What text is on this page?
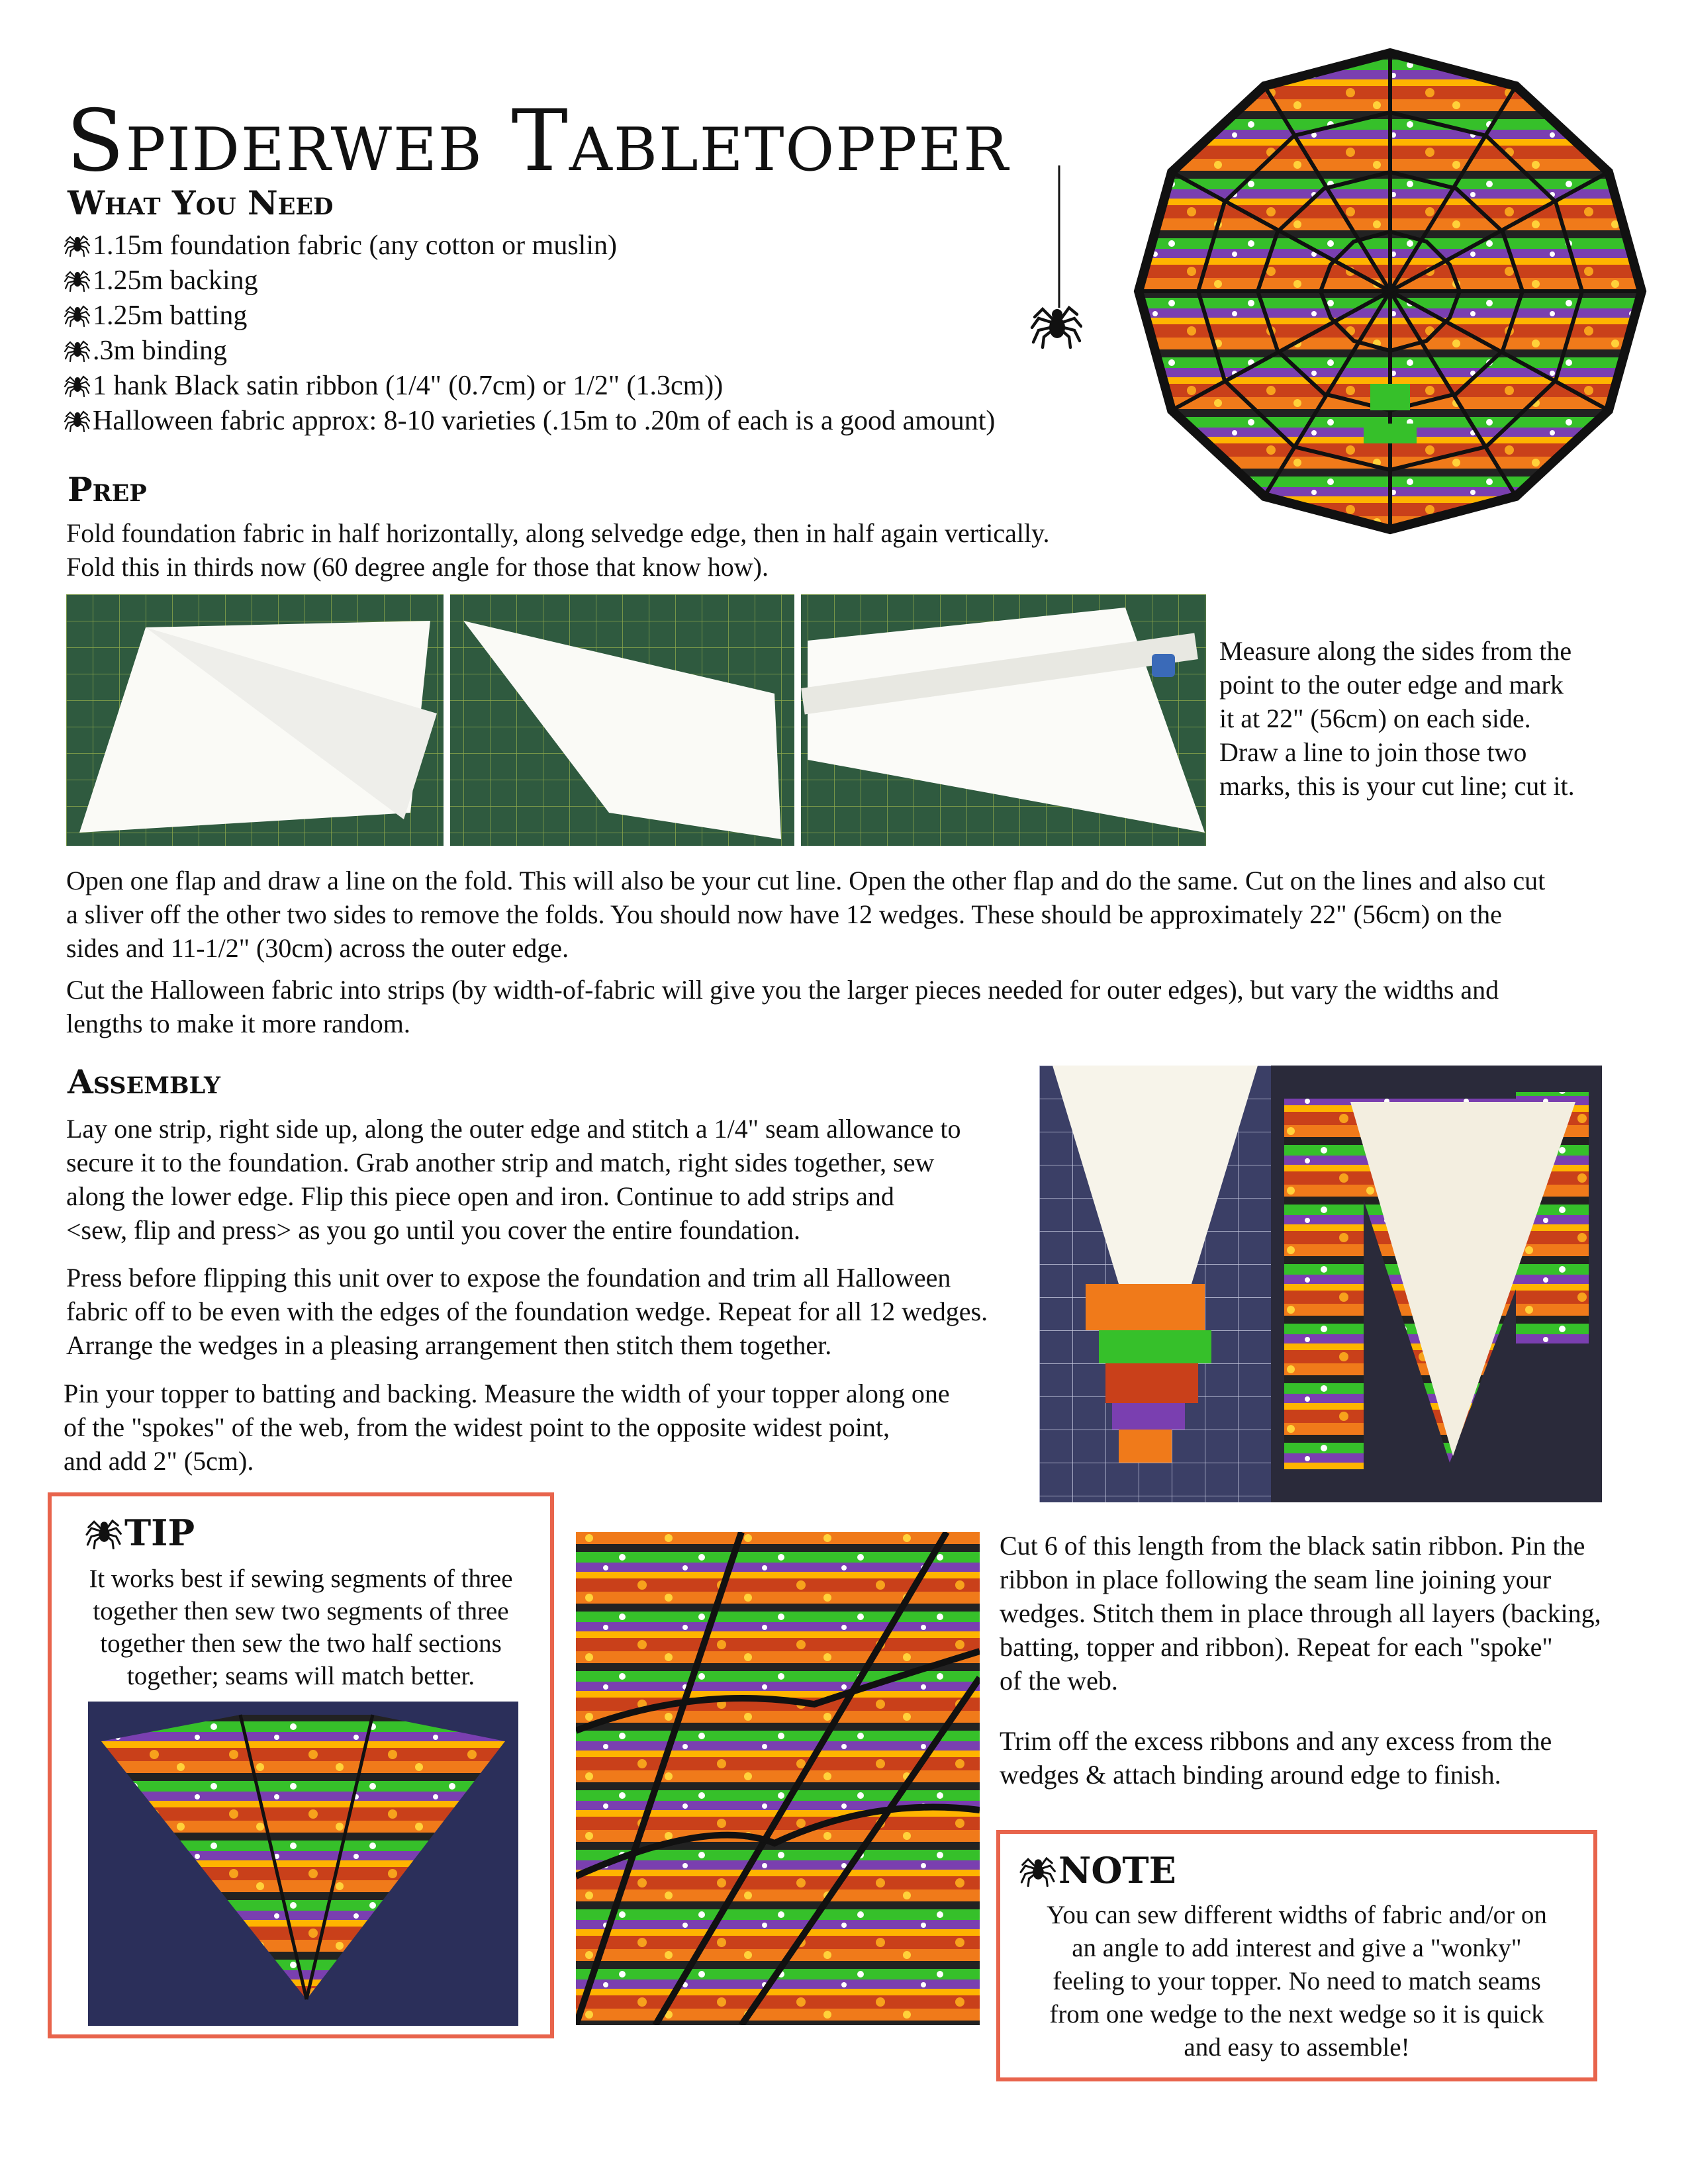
Spiderweb Tabletopper
What You Need
1.15m foundation fabric (any cotton or muslin)
1.25m backing
1.25m batting
.3m binding
1 hank Black satin ribbon (1/4" (0.7cm) or 1/2" (1.3cm))
Halloween fabric approx: 8-10 varieties (.15m to .20m of each is a good amount)
Prep
Fold foundation fabric in half horizontally, along selvedge edge, then in half again vertically.
Fold this in thirds now (60 degree angle for those that know how).
Measure along the sides from the
point to the outer edge and mark
it at 22" (56cm) on each side.
Draw a line to join those two
marks, this is your cut line; cut it.
Open one flap and draw a line on the fold. This will also be your cut line. Open the other flap and do the same. Cut on the lines and also cut
a sliver off the other two sides to remove the folds. You should now have 12 wedges. These should be approximately 22" (56cm) on the
sides and 11-1/2" (30cm) across the outer edge.
Cut the Halloween fabric into strips (by width-of-fabric will give you the larger pieces needed for outer edges), but vary the widths and
lengths to make it more random.
Assembly
Lay one strip, right side up, along the outer edge and stitch a 1/4" seam allowance to
secure it to the foundation. Grab another strip and match, right sides together, sew
along the lower edge. Flip this piece open and iron. Continue to add strips and
<sew, flip and press> as you go until you cover the entire foundation.
Press before flipping this unit over to expose the foundation and trim all Halloween
fabric off to be even with the edges of the foundation wedge. Repeat for all 12 wedges.
Arrange the wedges in a pleasing arrangement then stitch them together.
Pin your topper to batting and backing. Measure the width of your topper along one
of the "spokes" of the web, from the widest point to the opposite widest point,
and add 2" (5cm).
TIP
It works best if sewing segments of three
together then sew two segments of three
together then sew the two half sections
together; seams will match better.
Cut 6 of this length from the black satin ribbon. Pin the
ribbon in place following the seam line joining your
wedges. Stitch them in place through all layers (backing,
batting, topper and ribbon). Repeat for each "spoke"
of the web.
Trim off the excess ribbons and any excess from the
wedges & attach binding around edge to finish.
NOTE
You can sew different widths of fabric and/or on
an angle to add interest and give a "wonky"
feeling to your topper. No need to match seams
from one wedge to the next wedge so it is quick
and easy to assemble!
